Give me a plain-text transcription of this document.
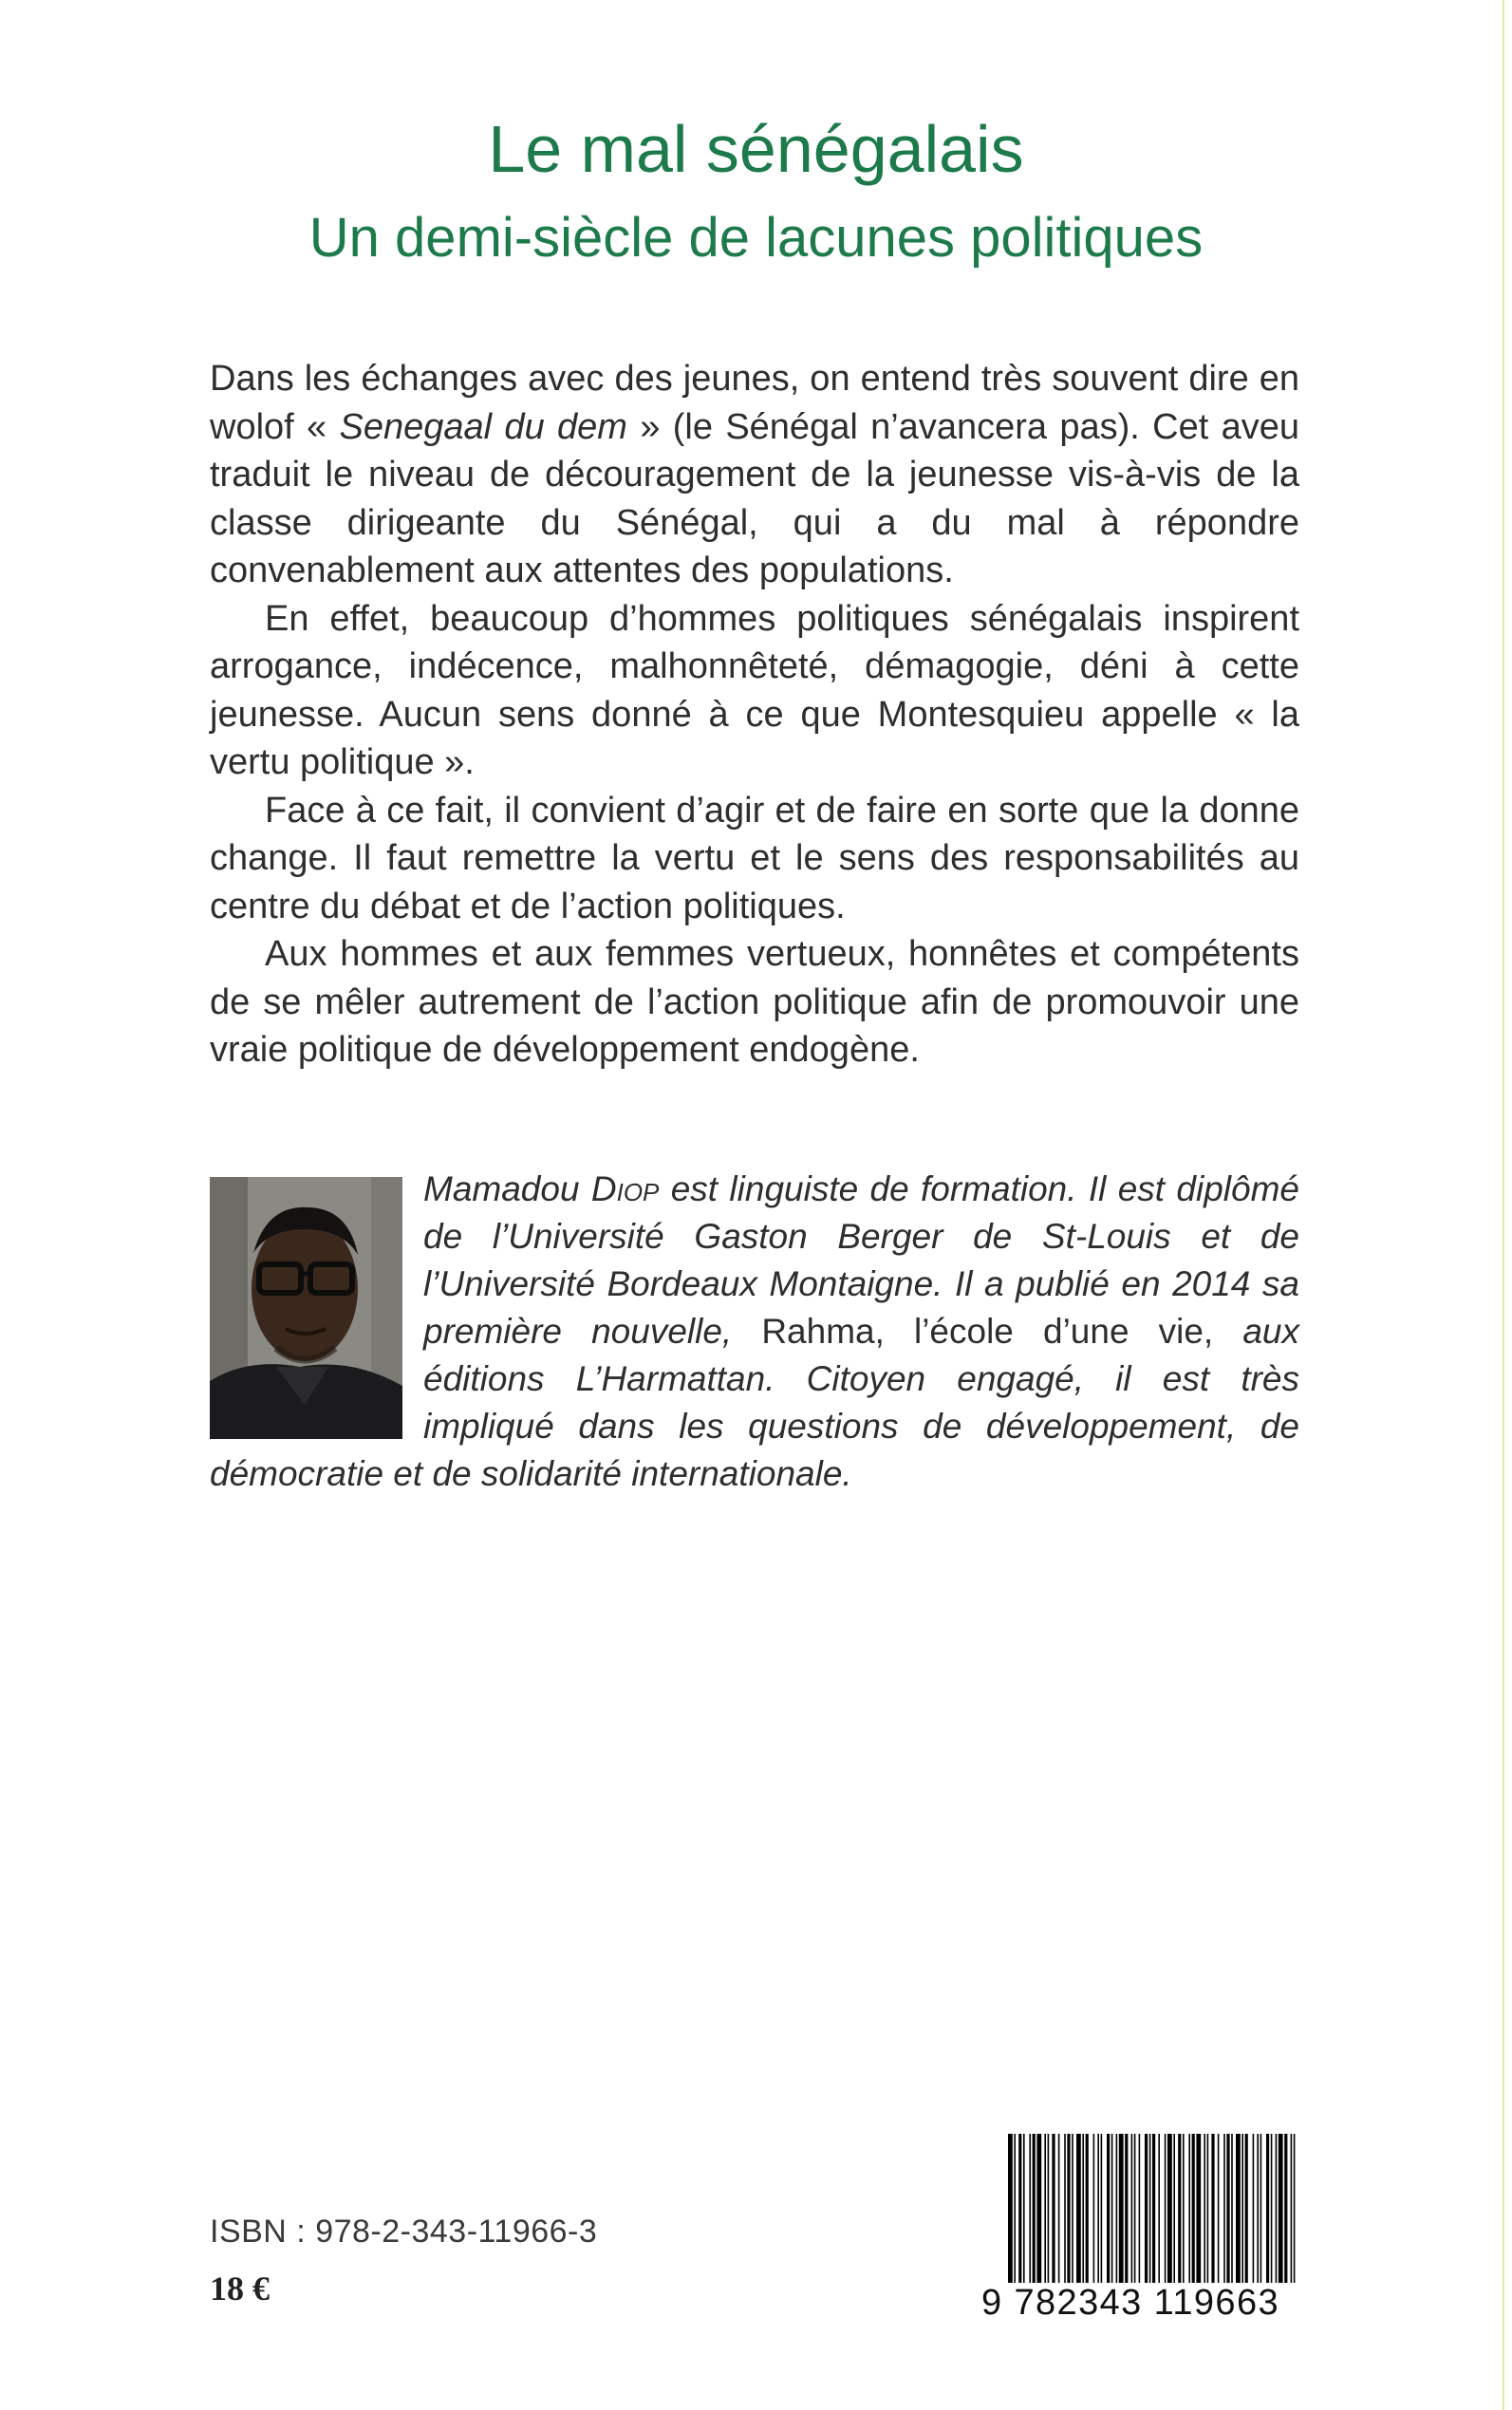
Le mal sénégalais
Un demi-siècle de lacunes politiques

Dans les échanges avec des jeunes, on entend très souvent dire en wolof « Senegaal du dem » (le Sénégal n’avancera pas). Cet aveu traduit le niveau de découragement de la jeunesse vis-à-vis de la classe dirigeante du Sénégal, qui a du mal à répondre convenablement aux attentes des populations.

En effet, beaucoup d’hommes politiques sénégalais inspirent arrogance, indécence, malhonnêteté, démagogie, déni à cette jeunesse. Aucun sens donné à ce que Montesquieu appelle « la vertu politique ».

Face à ce fait, il convient d’agir et de faire en sorte que la donne change. Il faut remettre la vertu et le sens des responsabilités au centre du débat et de l’action politiques.

Aux hommes et aux femmes vertueux, honnêtes et compétents de se mêler autrement de l’action politique afin de promouvoir une vraie politique de développement endogène.

Mamadou Diop est linguiste de formation. Il est diplômé de l’Université Gaston Berger de St-Louis et de l’Université Bordeaux Montaigne. Il a publié en 2014 sa première nouvelle, Rahma, l’école d’une vie, aux éditions L’Harmattan. Citoyen engagé, il est très impliqué dans les questions de développement, de démocratie et de solidarité internationale.
ISBN : 978-2-343-11966-3
18 €	9 782343 119663
